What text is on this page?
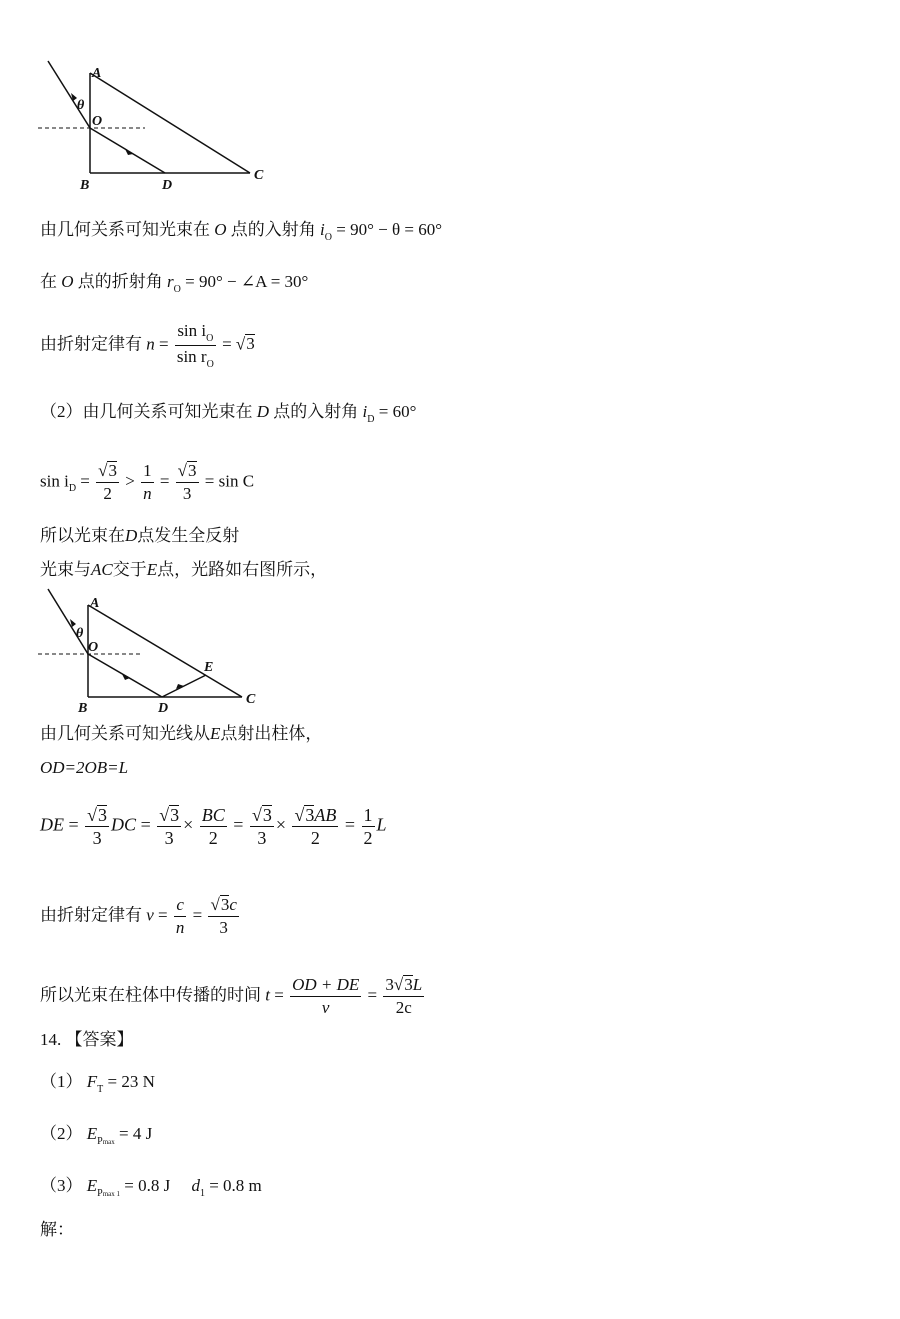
A
θ
O
B	D
C
由几何关系可知光束在 O 点的入射角 $i_O = 90^\circ - \theta = 60^\circ$
在 O 点的折射角 $r_O = 90^\circ$ − ∠A = 30°
由折射定律有 $n = \frac{\sin i_O}{\sin r_O} = √3$
（2）由几何关系可知光束在 D 点的入射角 $i_D = 60^\circ$
$\sin i_D = \frac{√3}{2} > \frac{1}{n} = \frac{√3}{3} = \sin C$
所以光束在D点发生全反射
光束与AC交于E点，光路如右图所示，
A
θ
O
E
B	D
C
由几何关系可知光线从E点射出柱体，
OD=2OB=L
DE = $\frac{√3}{3}$ DC = $\frac{√3}{3} \times \frac{BC}{2} = \frac{√3}{3} \times \frac{√3AB}{2} = \frac{1}{2}$ L
由折射定律有 $v = \frac{c}{n} = \frac{√3c}{3}$
所以光束在柱体中传播的时间 $t = \frac{OD + DE}{v} = \frac{3√3L}{2c}$
14. 【答案】
（1） $F_T = 23$ N
（2） $E_{Pmax} = 4$ J
（3） $E_{Pmax 1} = 0.8$ J $d_1 = 0.8$ m
解：
